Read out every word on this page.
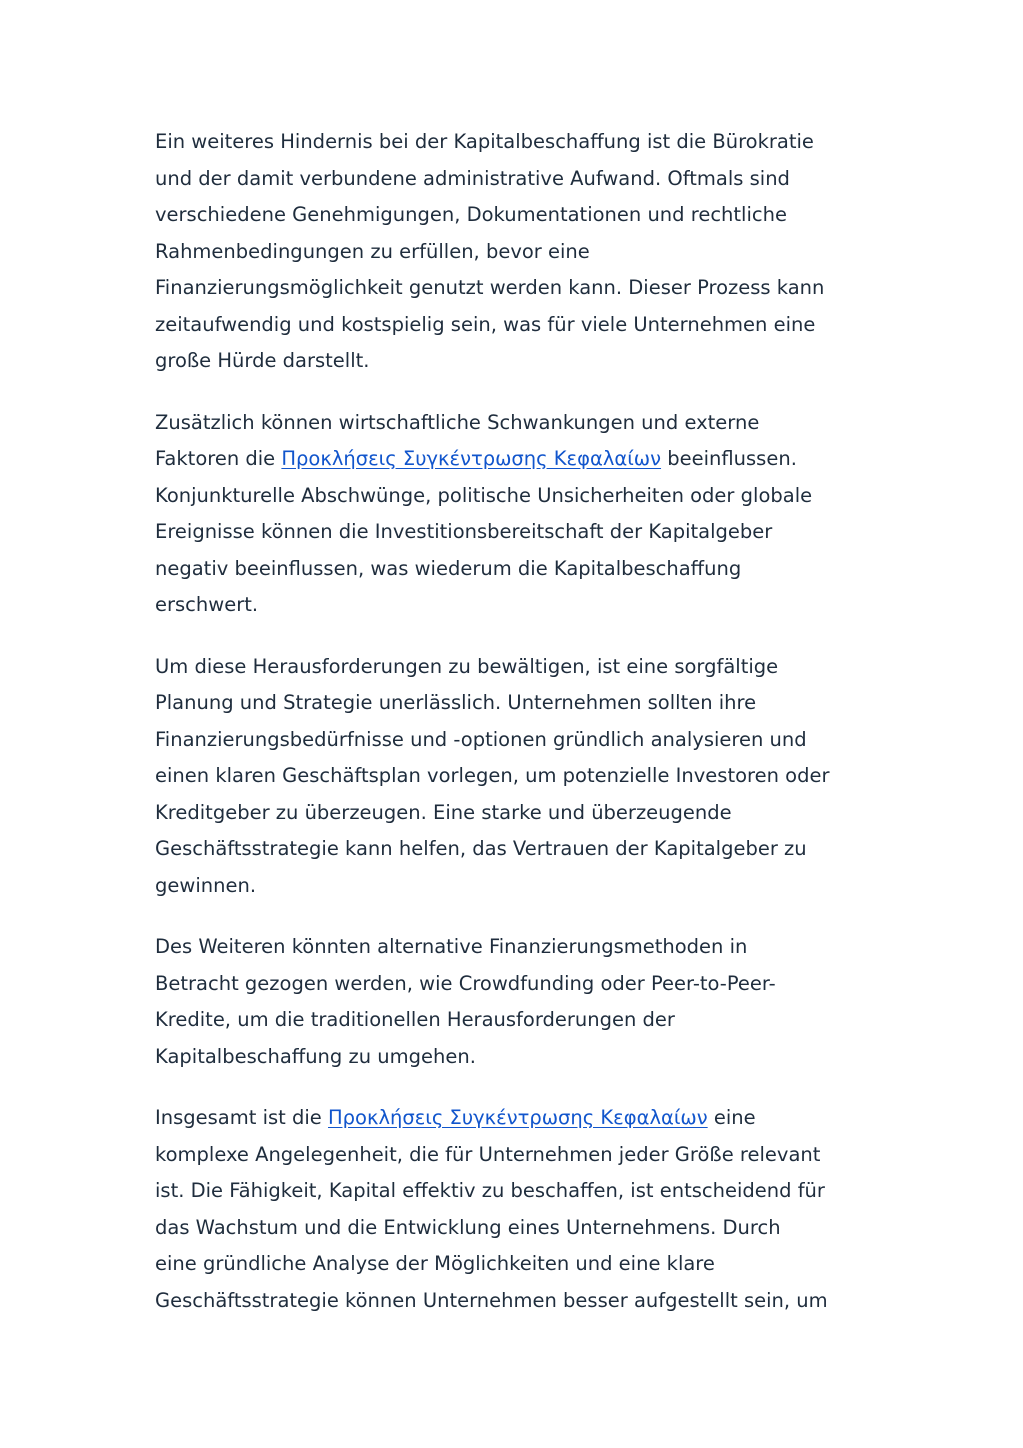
Ein weiteres Hindernis bei der Kapitalbeschaffung ist die Bürokratie
und der damit verbundene administrative Aufwand. Oftmals sind
verschiedene Genehmigungen, Dokumentationen und rechtliche
Rahmenbedingungen zu erfüllen, bevor eine
Finanzierungsmöglichkeit genutzt werden kann. Dieser Prozess kann
zeitaufwendig und kostspielig sein, was für viele Unternehmen eine
große Hürde darstellt.

Zusätzlich können wirtschaftliche Schwankungen und externe
Faktoren die Προκλήσεις Συγκέντρωσης Κεφαλαίων beeinflussen.
Konjunkturelle Abschwünge, politische Unsicherheiten oder globale
Ereignisse können die Investitionsbereitschaft der Kapitalgeber
negativ beeinflussen, was wiederum die Kapitalbeschaffung
erschwert.

Um diese Herausforderungen zu bewältigen, ist eine sorgfältige
Planung und Strategie unerlässlich. Unternehmen sollten ihre
Finanzierungsbedürfnisse und -optionen gründlich analysieren und
einen klaren Geschäftsplan vorlegen, um potenzielle Investoren oder
Kreditgeber zu überzeugen. Eine starke und überzeugende
Geschäftsstrategie kann helfen, das Vertrauen der Kapitalgeber zu
gewinnen.

Des Weiteren könnten alternative Finanzierungsmethoden in
Betracht gezogen werden, wie Crowdfunding oder Peer-to-Peer-
Kredite, um die traditionellen Herausforderungen der
Kapitalbeschaffung zu umgehen.

Insgesamt ist die Προκλήσεις Συγκέντρωσης Κεφαλαίων eine
komplexe Angelegenheit, die für Unternehmen jeder Größe relevant
ist. Die Fähigkeit, Kapital effektiv zu beschaffen, ist entscheidend für
das Wachstum und die Entwicklung eines Unternehmens. Durch
eine gründliche Analyse der Möglichkeiten und eine klare
Geschäftsstrategie können Unternehmen besser aufgestellt sein, um
